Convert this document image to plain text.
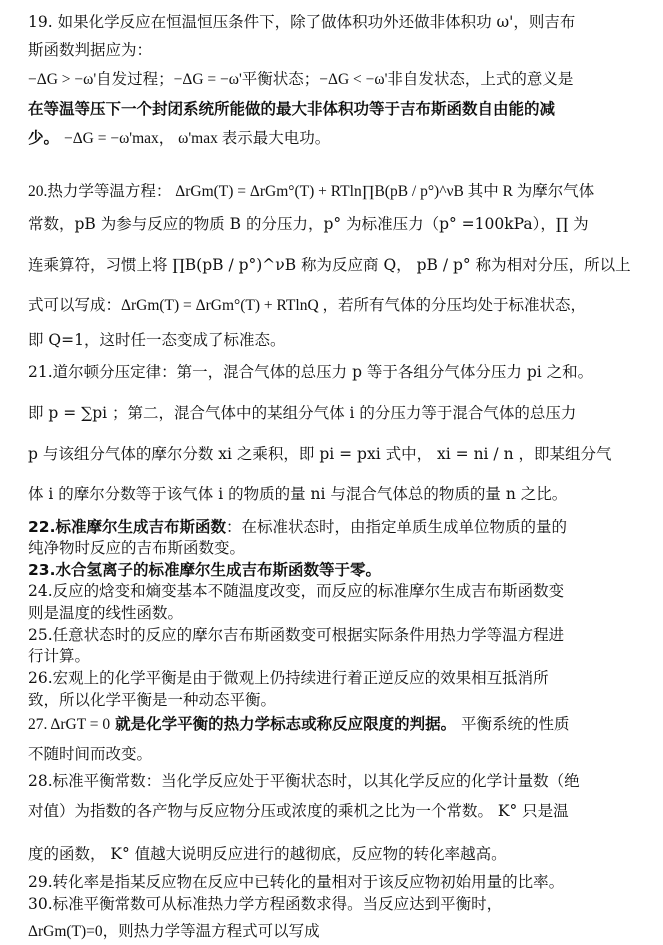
19. 如果化学反应在恒温恒压条件下，除了做体积功外还做非体积功 ω'，则吉布
斯函数判据应为：
−ΔG > −ω'自发过程；−ΔG = −ω'平衡状态；−ΔG < −ω'非自发状态，上式的意义是
在等温等压下一个封闭系统所能做的最大非体积功等于吉布斯函数自由能的减
少。 −ΔG = −ω'max， ω'max 表示最大电功。
20.热力学等温方程： ΔrGm(T) = ΔrGm°(T) + RTln∏B(pB / p°)^νB 其中 R 为摩尔气体
常数，pB 为参与反应的物质 B 的分压力，p° 为标准压力（p° =100kPa），∏ 为
连乘算符，习惯上将 ∏B(pB / p°)^νB 称为反应商 Q， pB / p° 称为相对分压，所以上
式可以写成：ΔrGm(T) = ΔrGm°(T) + RTlnQ ，若所有气体的分压均处于标准状态，
即 Q=1，这时任一态变成了标准态。
21.道尔顿分压定律：第一，混合气体的总压力 p 等于各组分气体分压力 pi 之和。
即 p = ∑pi ；第二，混合气体中的某组分气体 i 的分压力等于混合气体的总压力
p 与该组分气体的摩尔分数 xi 之乘积，即 pi = pxi 式中， xi = ni / n ，即某组分气
体 i 的摩尔分数等于该气体 i 的物质的量 ni 与混合气体总的物质的量 n 之比。
22.标准摩尔生成吉布斯函数：在标准状态时，由指定单质生成单位物质的量的
纯净物时反应的吉布斯函数变。
23.水合氢离子的标准摩尔生成吉布斯函数等于零。
24.反应的焓变和熵变基本不随温度改变，而反应的标准摩尔生成吉布斯函数变
则是温度的线性函数。
25.任意状态时的反应的摩尔吉布斯函数变可根据实际条件用热力学等温方程进
行计算。
26.宏观上的化学平衡是由于微观上仍持续进行着正逆反应的效果相互抵消所
致，所以化学平衡是一种动态平衡。
27. ΔrGT = 0 就是化学平衡的热力学标志或称反应限度的判据。 平衡系统的性质
不随时间而改变。
28.标准平衡常数：当化学反应处于平衡状态时，以其化学反应的化学计量数（绝
对值）为指数的各产物与反应物分压或浓度的乘机之比为一个常数。 K° 只是温
度的函数， K° 值越大说明反应进行的越彻底，反应物的转化率越高。
29.转化率是指某反应物在反应中已转化的量相对于该反应物初始用量的比率。
30.标准平衡常数可从标准热力学方程函数求得。当反应达到平衡时，
ΔrGm(T)=0，则热力学等温方程式可以写成
